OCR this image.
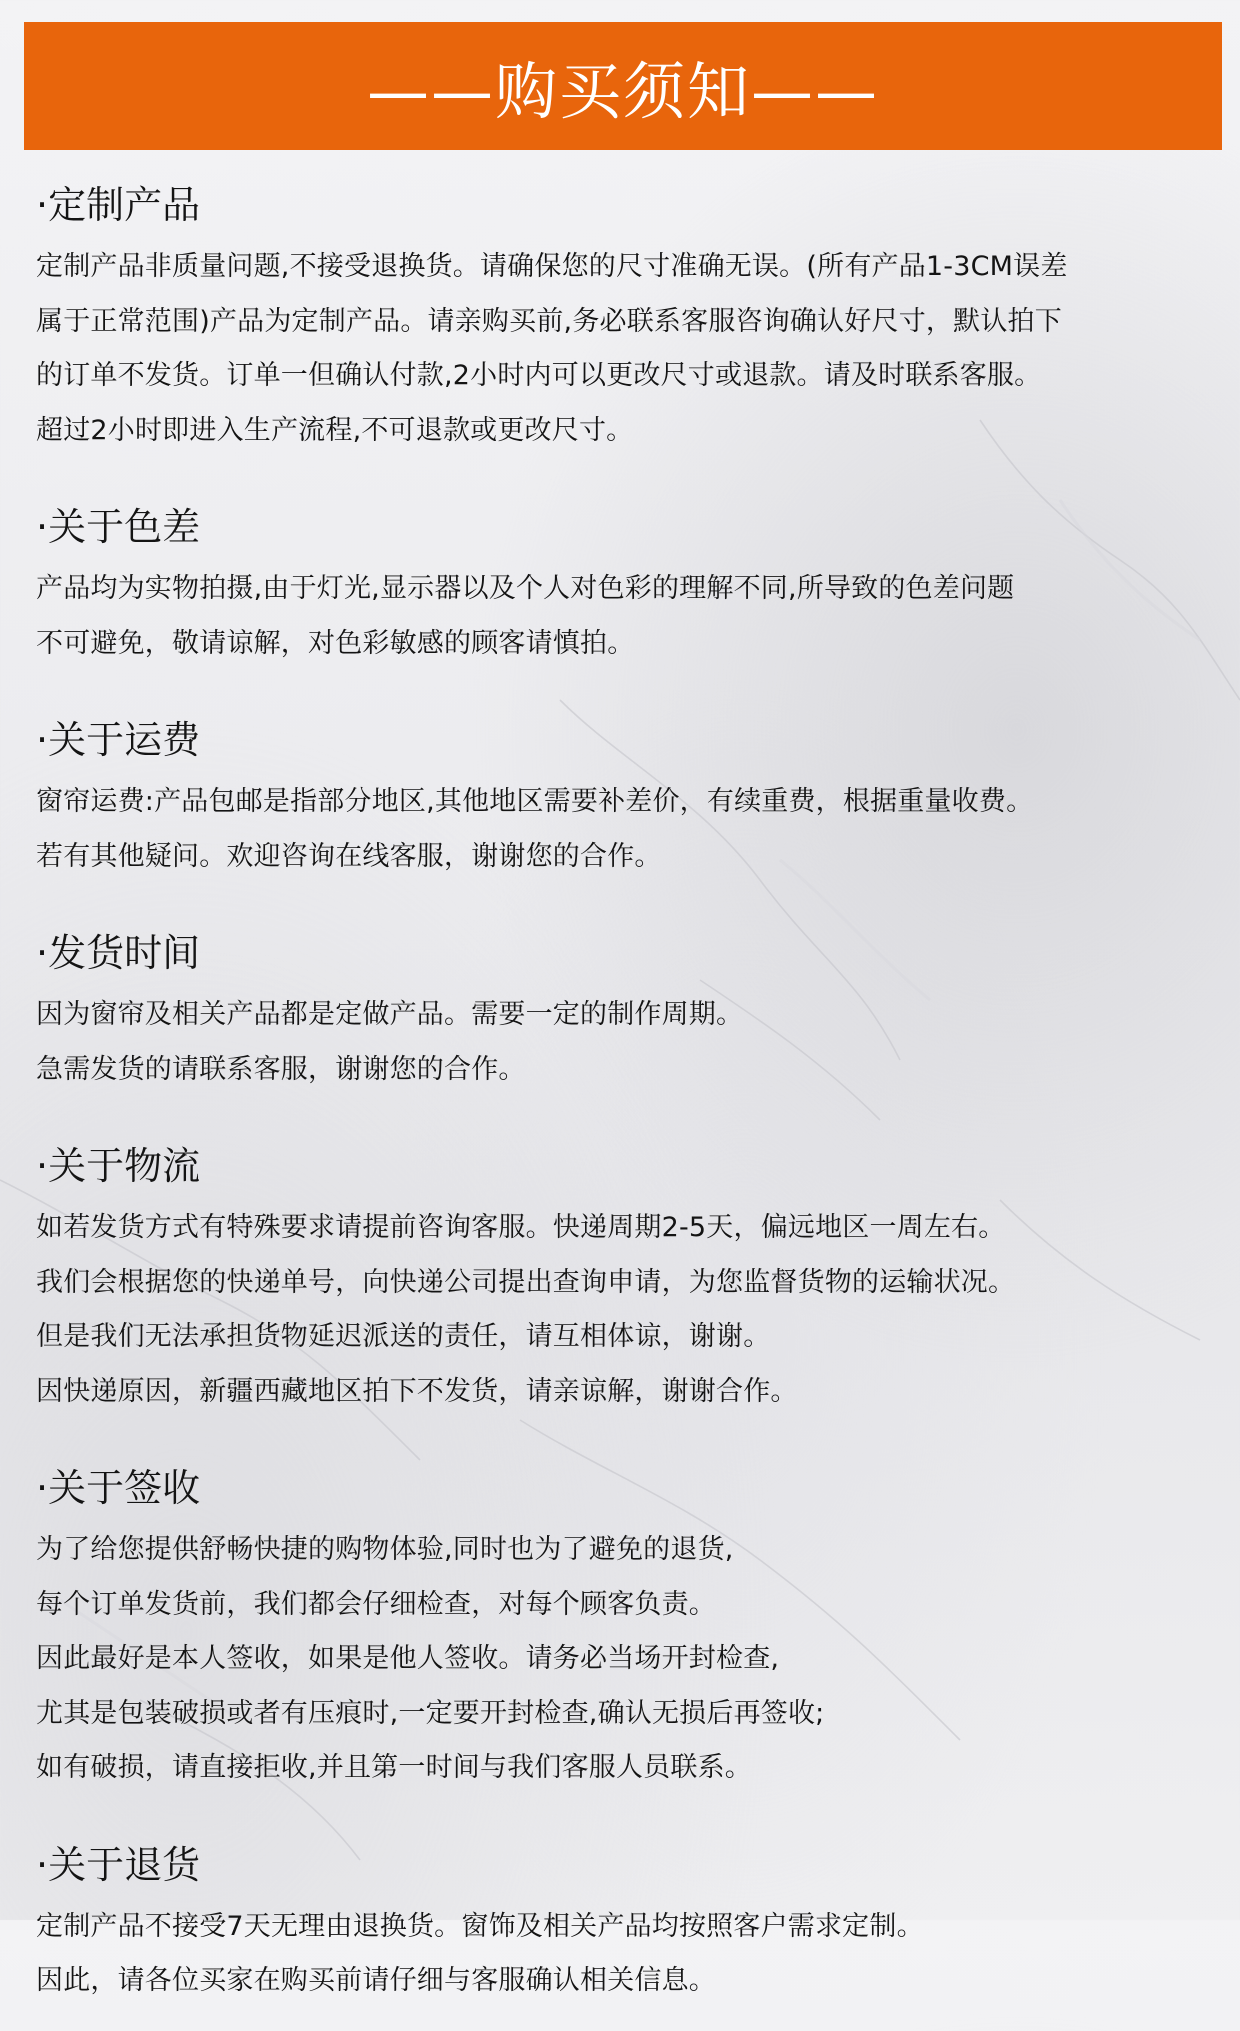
——购买须知——
·定制产品
定制产品非质量问题,不接受退换货。请确保您的尺寸准确无误。(所有产品1-3CM误差
属于正常范围)产品为定制产品。请亲购买前,务必联系客服咨询确认好尺寸，默认拍下
的订单不发货。订单一但确认付款,2小时内可以更改尺寸或退款。请及时联系客服。
超过2小时即进入生产流程,不可退款或更改尺寸。
·关于色差
产品均为实物拍摄,由于灯光,显示器以及个人对色彩的理解不同,所导致的色差问题
不可避免，敬请谅解，对色彩敏感的顾客请慎拍。
·关于运费
窗帘运费:产品包邮是指部分地区,其他地区需要补差价，有续重费，根据重量收费。
若有其他疑问。欢迎咨询在线客服，谢谢您的合作。
·发货时间
因为窗帘及相关产品都是定做产品。需要一定的制作周期。
急需发货的请联系客服，谢谢您的合作。
·关于物流
如若发货方式有特殊要求请提前咨询客服。快递周期2-5天，偏远地区一周左右。
我们会根据您的快递单号，向快递公司提出查询申请，为您监督货物的运输状况。
但是我们无法承担货物延迟派送的责任，请互相体谅，谢谢。
因快递原因，新疆西藏地区拍下不发货，请亲谅解，谢谢合作。
·关于签收
为了给您提供舒畅快捷的购物体验,同时也为了避免的退货,
每个订单发货前，我们都会仔细检查，对每个顾客负责。
因此最好是本人签收，如果是他人签收。请务必当场开封检查,
尤其是包装破损或者有压痕时,一定要开封检查,确认无损后再签收;
如有破损，请直接拒收,并且第一时间与我们客服人员联系。
·关于退货
定制产品不接受7天无理由退换货。窗饰及相关产品均按照客户需求定制。
因此，请各位买家在购买前请仔细与客服确认相关信息。
